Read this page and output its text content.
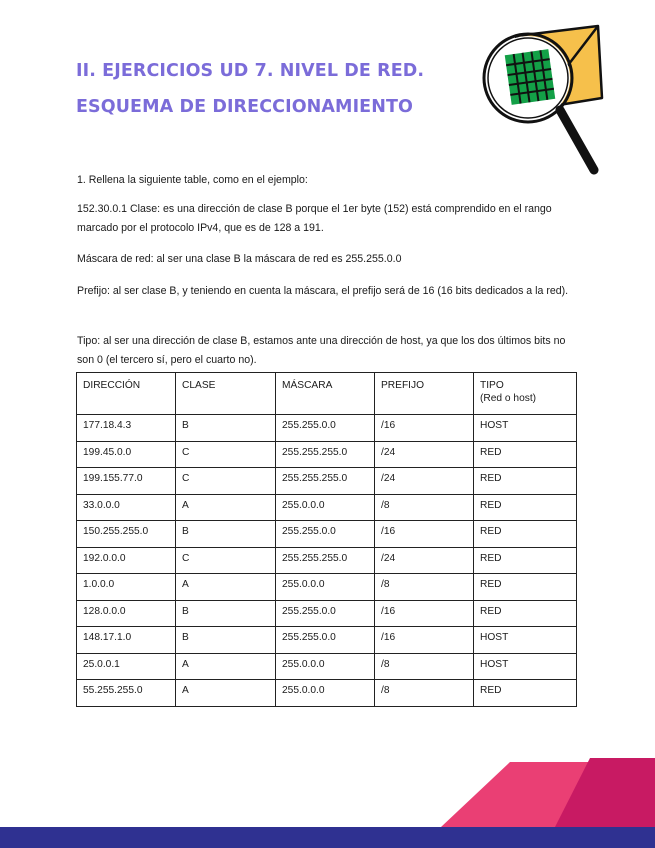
II. EJERCICIOS UD 7. NIVEL DE RED.
ESQUEMA DE DIRECCIONAMIENTO

1. Rellena la siguiente table, como en el ejemplo:

152.30.0.1 Clase: es una dirección de clase B porque el 1er byte (152) está comprendido en el rango marcado por el protocolo IPv4, que es de 128 a 191.

Máscara de red: al ser una clase B la máscara de red es 255.255.0.0

Prefijo: al ser clase B, y teniendo en cuenta la máscara, el prefijo será de 16 (16 bits dedicados a la red).

Tipo: al ser una dirección de clase B, estamos ante una dirección de host, ya que los dos últimos bits no son 0 (el tercero sí, pero el cuarto no).

DIRECCIÓN	CLASE	MÁSCARA	PREFIJO	TIPO
(Red o host)
177.18.4.3	B	255.255.0.0	/16	HOST
199.45.0.0	C	255.255.255.0	/24	RED
199.155.77.0	C	255.255.255.0	/24	RED
33.0.0.0	A	255.0.0.0	/8	RED
150.255.255.0	B	255.255.0.0	/16	RED
192.0.0.0	C	255.255.255.0	/24	RED
1.0.0.0	A	255.0.0.0	/8	RED
128.0.0.0	B	255.255.0.0	/16	RED
148.17.1.0	B	255.255.0.0	/16	HOST
25.0.0.1	A	255.0.0.0	/8	HOST
55.255.255.0	A	255.0.0.0	/8	RED
